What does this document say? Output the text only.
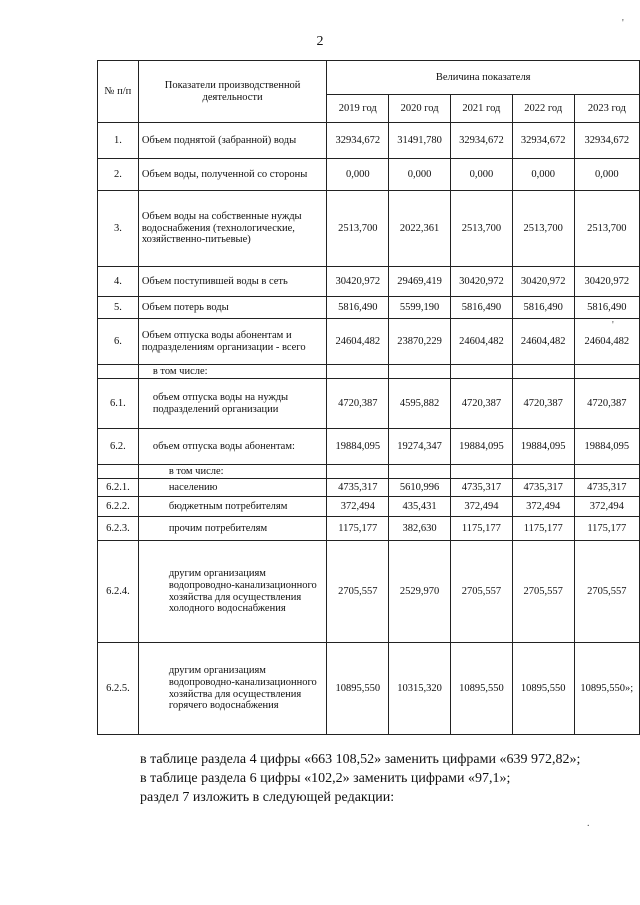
2
'
'
.
№ п/п	Показатели производственной деятельности	Величина показателя				
		2019 год	2020 год	2021 год	2022 год	2023 год
1.	Объем поднятой (забранной) воды	32934,672	31491,780	32934,672	32934,672	32934,672
2.	Объем воды, полученной со стороны	0,000	0,000	0,000	0,000	0,000
3.	Объем воды на собственные нужды водоснабжения (технологические, хозяйственно-питьевые)	2513,700	2022,361	2513,700	2513,700	2513,700
4.	Объем поступившей воды в сеть	30420,972	29469,419	30420,972	30420,972	30420,972
5.	Объем потерь воды	5816,490	5599,190	5816,490	5816,490	5816,490
6.	Объем отпуска воды абонентам и подразделениям организации - всего	24604,482	23870,229	24604,482	24604,482	24604,482
	в том числе:					
6.1.	объем отпуска воды на нужды подразделений организации	4720,387	4595,882	4720,387	4720,387	4720,387
6.2.	объем отпуска воды абонентам:	19884,095	19274,347	19884,095	19884,095	19884,095
	в том числе:					
6.2.1.	населению	4735,317	5610,996	4735,317	4735,317	4735,317
6.2.2.	бюджетным потребителям	372,494	435,431	372,494	372,494	372,494
6.2.3.	прочим потребителям	1175,177	382,630	1175,177	1175,177	1175,177
6.2.4.	другим организациям водопроводно-канализационного хозяйства для осуществления холодного водоснабжения	2705,557	2529,970	2705,557	2705,557	2705,557
6.2.5.	другим организациям водопроводно-канализационного хозяйства для осуществления горячего водоснабжения	10895,550	10315,320	10895,550	10895,550	10895,550»;
в таблице раздела 4 цифры «663 108,52» заменить цифрами «639 972,82»;
в таблице раздела 6 цифры «102,2» заменить цифрами «97,1»;
раздел 7 изложить в следующей редакции:
